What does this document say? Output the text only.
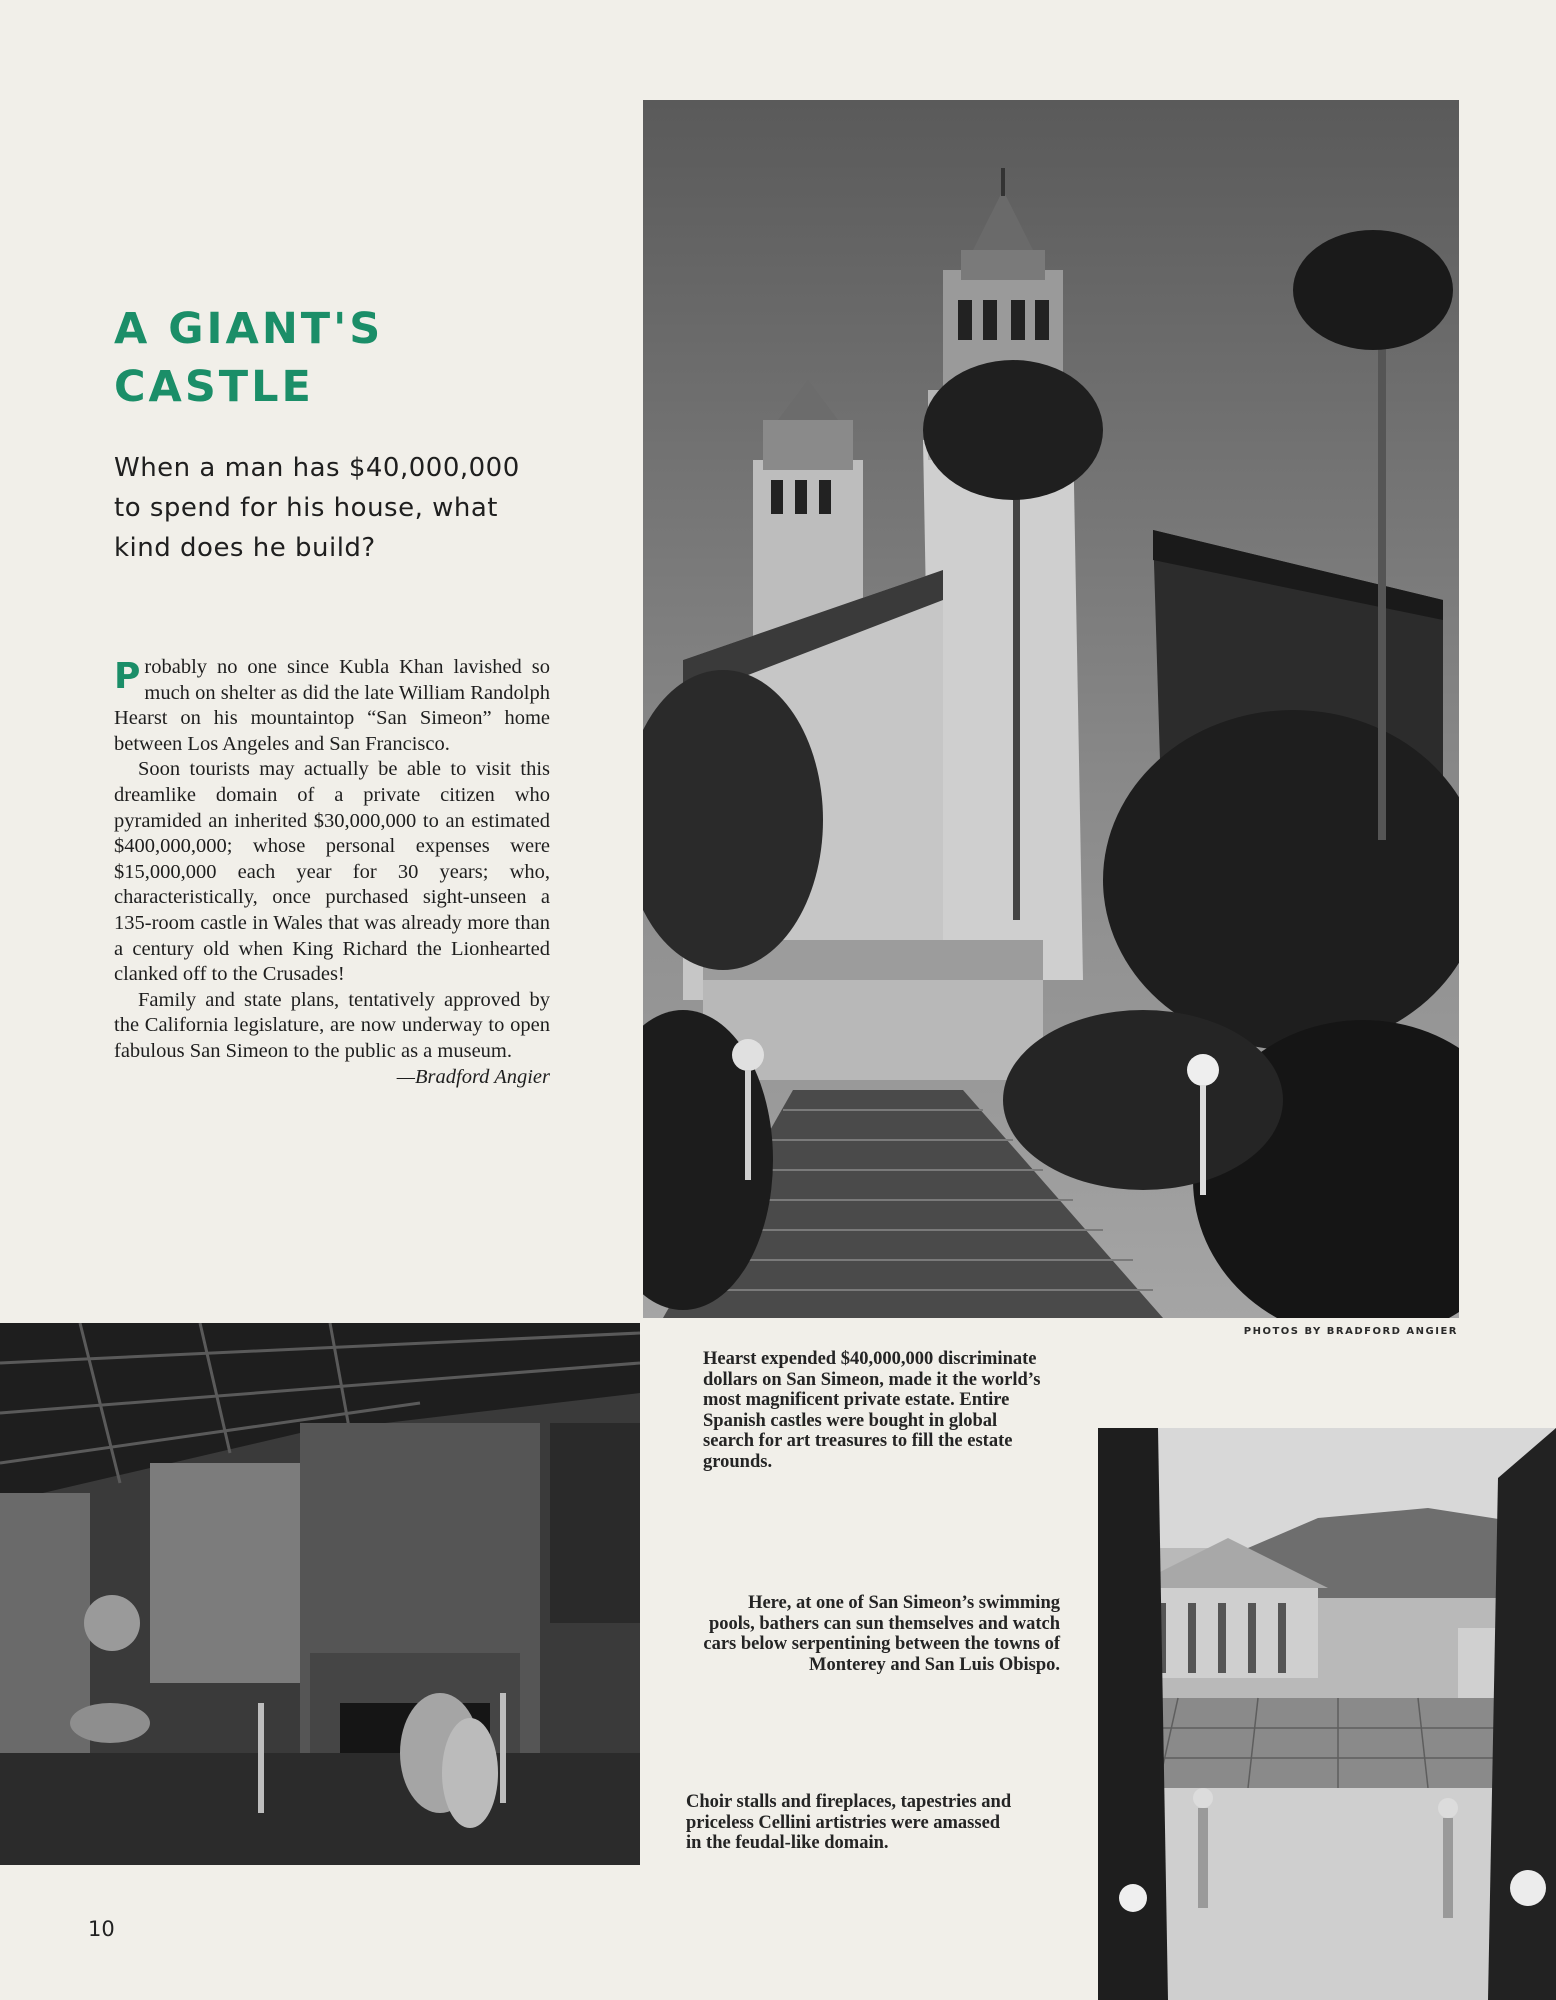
A GIANT'S
CASTLE
When a man has $40,000,000 to spend for his house, what kind does he build?

Probably no one since Kubla Khan lavished so much on shelter as did the late William Randolph Hearst on his mountaintop “San Simeon” home between Los Angeles and San Francisco.

Soon tourists may actually be able to visit this dreamlike domain of a private citizen who pyramided an inherited $30,000,000 to an estimated $400,000,000; whose personal expenses were $15,000,000 each year for 30 years; who, characteristically, once purchased sight-unseen a 135-room castle in Wales that was already more than a century old when King Richard the Lionhearted clanked off to the Crusades!

Family and state plans, tentatively approved by the California legislature, are now underway to open fabulous San Simeon to the public as a museum.

—Bradford Angier

PHOTOS BY BRADFORD ANGIER

Hearst expended $40,000,000 discriminate dollars on San Simeon, made it the world’s most magnificent private estate. Entire Spanish castles were bought in global search for art treasures to fill the estate grounds.

Here, at one of San Simeon’s swimming pools, bathers can sun themselves and watch cars below serpentining between the towns of Monterey and San Luis Obispo.

Choir stalls and fireplaces, tapestries and priceless Cellini artistries were amassed in the feudal-like domain.

10
